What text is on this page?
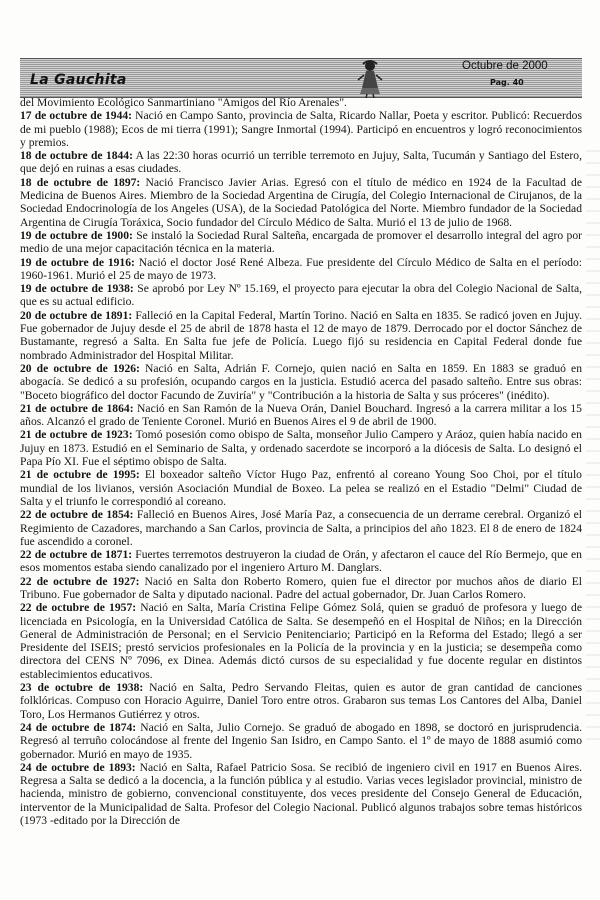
La Gauchita
Octubre de 2000
Pag. 40

del Movimiento Ecológico Sanmartiniano "Amigos del Río Arenales".

17 de octubre de 1944: Nació en Campo Santo, provincia de Salta, Ricardo Nallar, Poeta y escritor. Publicó: Recuerdos de mi pueblo (1988); Ecos de mi tierra (1991); Sangre Inmortal (1994). Participó en encuentros y logró reconocimientos y premios.

18 de octubre de 1844: A las 22:30 horas ocurrió un terrible terremoto en Jujuy, Salta, Tucumán y Santiago del Estero, que dejó en ruinas a esas ciudades.

18 de octubre de 1897: Nació Francisco Javier Arias. Egresó con el título de médico en 1924 de la Facultad de Medicina de Buenos Aires. Miembro de la Sociedad Argentina de Cirugía, del Colegio Internacional de Cirujanos, de la Sociedad Endocrinología de los Angeles (USA), de la Sociedad Patológica del Norte. Miembro fundador de la Sociedad Argentina de Cirugía Toráxica, Socio fundador del Círculo Médico de Salta. Murió el 13 de julio de 1968.

19 de octubre de 1900: Se instaló la Sociedad Rural Salteña, encargada de promover el desarrollo integral del agro por medio de una mejor capacitación técnica en la materia.

19 de octubre de 1916: Nació el doctor José René Albeza. Fue presidente del Círculo Médico de Salta en el período: 1960-1961. Murió el 25 de mayo de 1973.

19 de octubre de 1938: Se aprobó por Ley Nº 15.169, el proyecto para ejecutar la obra del Colegio Nacional de Salta, que es su actual edificio.

20 de octubre de 1891: Falleció en la Capital Federal, Martín Torino. Nació en Salta en 1835. Se radicó joven en Jujuy. Fue gobernador de Jujuy desde el 25 de abril de 1878 hasta el 12 de mayo de 1879. Derrocado por el doctor Sánchez de Bustamante, regresó a Salta. En Salta fue jefe de Policía. Luego fijó su residencia en Capital Federal donde fue nombrado Administrador del Hospital Militar.

20 de octubre de 1926: Nació en Salta, Adrián F. Cornejo, quien nació en Salta en 1859. En 1883 se graduó en abogacía. Se dedicó a su profesión, ocupando cargos en la justicia. Estudió acerca del pasado salteño. Entre sus obras: "Boceto biográfico del doctor Facundo de Zuviría" y "Contribución a la historia de Salta y sus próceres" (inédito).

21 de octubre de 1864: Nació en San Ramón de la Nueva Orán, Daniel Bouchard. Ingresó a la carrera militar a los 15 años. Alcanzó el grado de Teniente Coronel. Murió en Buenos Aires el 9 de abril de 1900.

21 de octubre de 1923: Tomó posesión como obispo de Salta, monseñor Julio Campero y Aráoz, quien había nacido en Jujuy en 1873. Estudió en el Seminario de Salta, y ordenado sacerdote se incorporó a la diócesis de Salta. Lo designó el Papa Pío XI. Fue el séptimo obispo de Salta.

21 de octubre de 1995: El boxeador salteño Víctor Hugo Paz, enfrentó al coreano Young Soo Choi, por el título mundial de los livianos, versión Asociación Mundial de Boxeo. La pelea se realizó en el Estadio "Delmi" Ciudad de Salta y el triunfo le correspondió al coreano.

22 de octubre de 1854: Falleció en Buenos Aires, José María Paz, a consecuencia de un derrame cerebral. Organizó el Regimiento de Cazadores, marchando a San Carlos, provincia de Salta, a principios del año 1823. El 8 de enero de 1824 fue ascendido a coronel.

22 de octubre de 1871: Fuertes terremotos destruyeron la ciudad de Orán, y afectaron el cauce del Río Bermejo, que en esos momentos estaba siendo canalizado por el ingeniero Arturo M. Danglars.

22 de octubre de 1927: Nació en Salta don Roberto Romero, quien fue el director por muchos años de diario El Tribuno. Fue gobernador de Salta y diputado nacional. Padre del actual gobernador, Dr. Juan Carlos Romero.

22 de octubre de 1957: Nació en Salta, María Cristina Felipe Gómez Solá, quien se graduó de profesora y luego de licenciada en Psicología, en la Universidad Católica de Salta. Se desempeñó en el Hospital de Niños; en la Dirección General de Administración de Personal; en el Servicio Penitenciario; Participó en la Reforma del Estado; llegó a ser Presidente del ISEIS; prestó servicios profesionales en la Policía de la provincia y en la justicia; se desempeña como directora del CENS Nº 7096, ex Dinea. Además dictó cursos de su especialidad y fue docente regular en distintos establecimientos educativos.

23 de octubre de 1938: Nació en Salta, Pedro Servando Fleitas, quien es autor de gran cantidad de canciones folklóricas. Compuso con Horacio Aguirre, Daniel Toro entre otros. Grabaron sus temas Los Cantores del Alba, Daniel Toro, Los Hermanos Gutiérrez y otros.

24 de octubre de 1874: Nació en Salta, Julio Cornejo. Se graduó de abogado en 1898, se doctoró en jurisprudencia. Regresó al terruño colocándose al frente del Ingenio San Isidro, en Campo Santo. el 1º de mayo de 1888 asumió como gobernador. Murió en mayo de 1935.

24 de octubre de 1893: Nació en Salta, Rafael Patricio Sosa. Se recibió de ingeniero civil en 1917 en Buenos Aires. Regresa a Salta se dedicó a la docencia, a la función pública y al estudio. Varias veces legislador provincial, ministro de hacienda, ministro de gobierno, convencional constituyente, dos veces presidente del Consejo General de Educación, interventor de la Municipalidad de Salta. Profesor del Colegio Nacional. Publicó algunos trabajos sobre temas históricos (1973 -editado por la Dirección de
